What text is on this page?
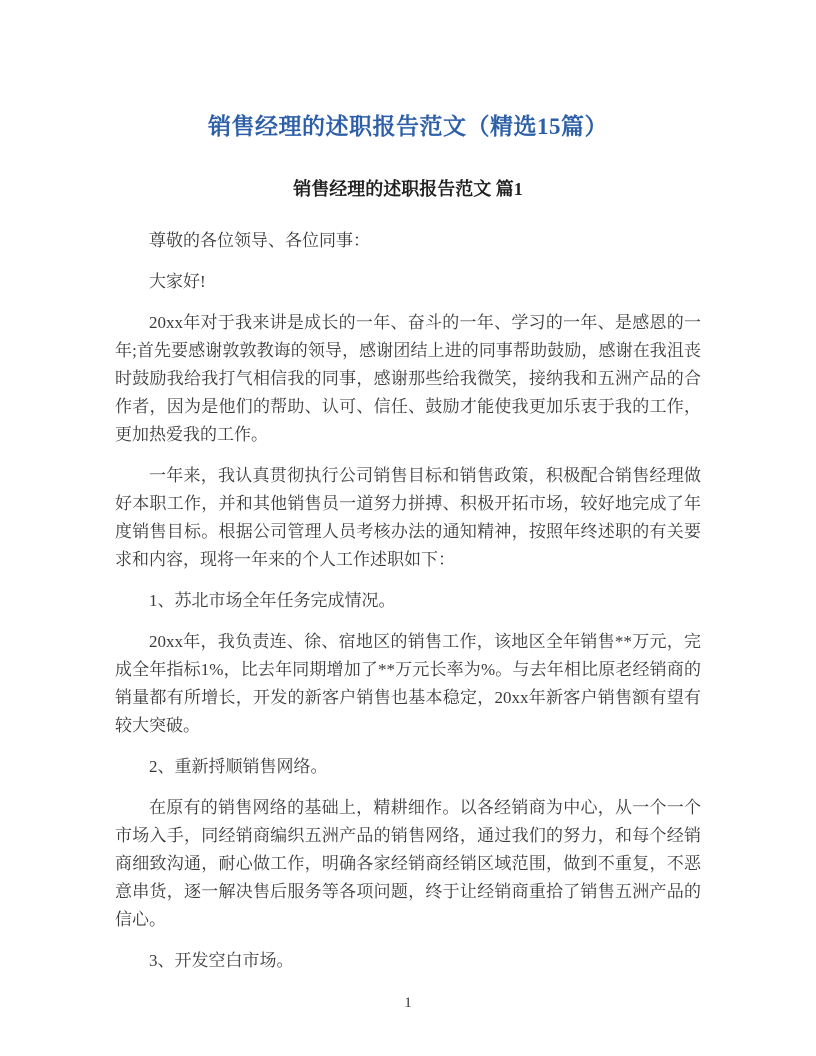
销售经理的述职报告范文（精选15篇）
销售经理的述职报告范文 篇1

尊敬的各位领导、各位同事：

大家好!

20xx年对于我来讲是成长的一年、奋斗的一年、学习的一年、是感恩的一年;首先要感谢敦敦教诲的领导，感谢团结上进的同事帮助鼓励，感谢在我沮丧时鼓励我给我打气相信我的同事，感谢那些给我微笑，接纳我和五洲产品的合作者，因为是他们的帮助、认可、信任、鼓励才能使我更加乐衷于我的工作，更加热爱我的工作。

一年来，我认真贯彻执行公司销售目标和销售政策，积极配合销售经理做好本职工作，并和其他销售员一道努力拼搏、积极开拓市场，较好地完成了年度销售目标。根据公司管理人员考核办法的通知精神，按照年终述职的有关要求和内容，现将一年来的个人工作述职如下：

1、苏北市场全年任务完成情况。

20xx年，我负责连、徐、宿地区的销售工作，该地区全年销售**万元，完成全年指标1%，比去年同期增加了**万元长率为%。与去年相比原老经销商的销量都有所增长，开发的新客户销售也基本稳定，20xx年新客户销售额有望有较大突破。

2、重新捋顺销售网络。

在原有的销售网络的基础上，精耕细作。以各经销商为中心，从一个一个市场入手，同经销商编织五洲产品的销售网络，通过我们的努力，和每个经销商细致沟通，耐心做工作，明确各家经销商经销区域范围，做到不重复，不恶意串货，逐一解决售后服务等各项问题，终于让经销商重拾了销售五洲产品的信心。

3、开发空白市场。

1
